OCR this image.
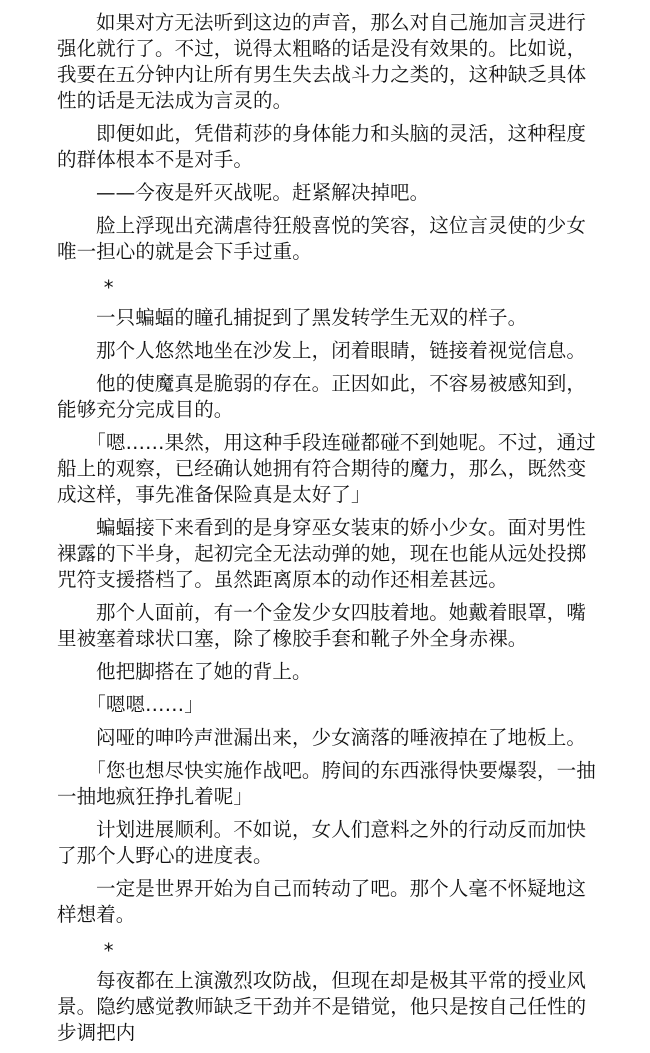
如果对方无法听到这边的声音，那么对自己施加言灵进行强化就行了。不过，说得太粗略的话是没有效果的。比如说，我要在五分钟内让所有男生失去战斗力之类的，这种缺乏具体性的话是无法成为言灵的。

即便如此，凭借莉莎的身体能力和头脑的灵活，这种程度的群体根本不是对手。

——今夜是歼灭战呢。赶紧解决掉吧。

脸上浮现出充满虐待狂般喜悦的笑容，这位言灵使的少女唯一担心的就是会下手过重。

*

一只蝙蝠的瞳孔捕捉到了黑发转学生无双的样子。

那个人悠然地坐在沙发上，闭着眼睛，链接着视觉信息。

他的使魔真是脆弱的存在。正因如此，不容易被感知到，能够充分完成目的。

「嗯……果然，用这种手段连碰都碰不到她呢。不过，通过船上的观察，已经确认她拥有符合期待的魔力，那么，既然变成这样，事先准备保险真是太好了」

蝙蝠接下来看到的是身穿巫女装束的娇小少女。面对男性裸露的下半身，起初完全无法动弹的她，现在也能从远处投掷咒符支援搭档了。虽然距离原本的动作还相差甚远。

那个人面前，有一个金发少女四肢着地。她戴着眼罩，嘴里被塞着球状口塞，除了橡胶手套和靴子外全身赤裸。

他把脚搭在了她的背上。

「嗯嗯……」

闷哑的呻吟声泄漏出来，少女滴落的唾液掉在了地板上。

「您也想尽快实施作战吧。胯间的东西涨得快要爆裂，一抽一抽地疯狂挣扎着呢」

计划进展顺利。不如说，女人们意料之外的行动反而加快了那个人野心的进度表。

一定是世界开始为自己而转动了吧。那个人毫不怀疑地这样想着。

*

每夜都在上演激烈攻防战，但现在却是极其平常的授业风景。隐约感觉教师缺乏干劲并不是错觉，他只是按自己任性的步调把内
